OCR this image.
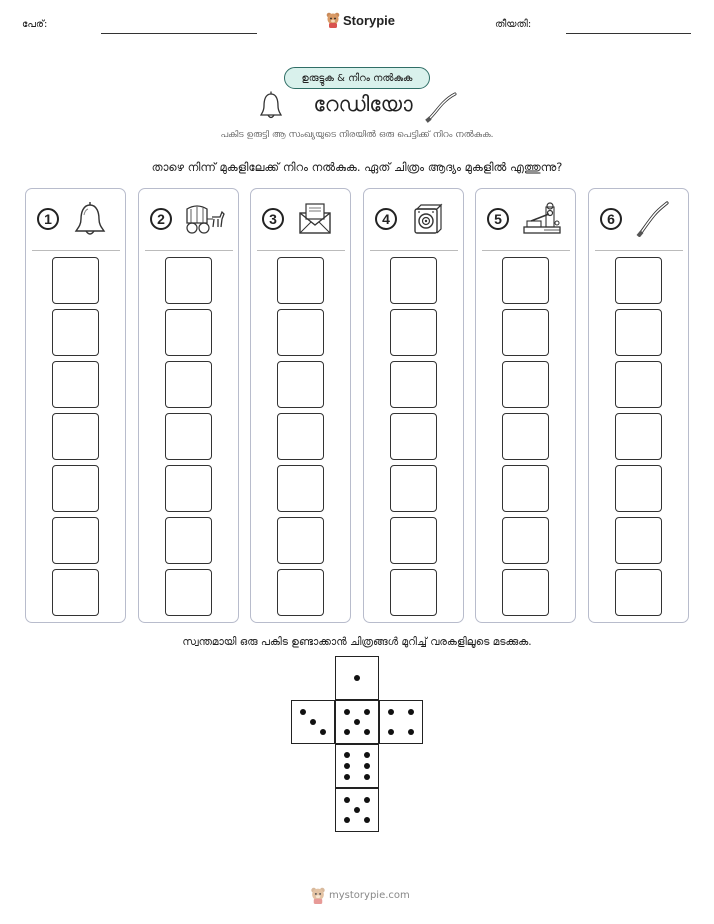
പേര്:	Storypie	തീയതി:
ഉരുട്ടുക & നിറം നൽകുക
റേഡിയോ
പകിട ഉരുട്ടി ആ സംഖ്യയുടെ നിരയിൽ ഒരു പെട്ടിക്ക് നിറം നൽകുക.
താഴെ നിന്ന് മുകളിലേക്ക് നിറം നൽകുക. ഏത് ചിത്രം ആദ്യം മുകളിൽ എത്തുന്നു?
1	2	3	4	5	6
സ്വന്തമായി ഒരു പകിട ഉണ്ടാക്കാൻ ചിത്രങ്ങൾ മുറിച്ച് വരകളിലൂടെ മടക്കുക.
mystorypie.com
